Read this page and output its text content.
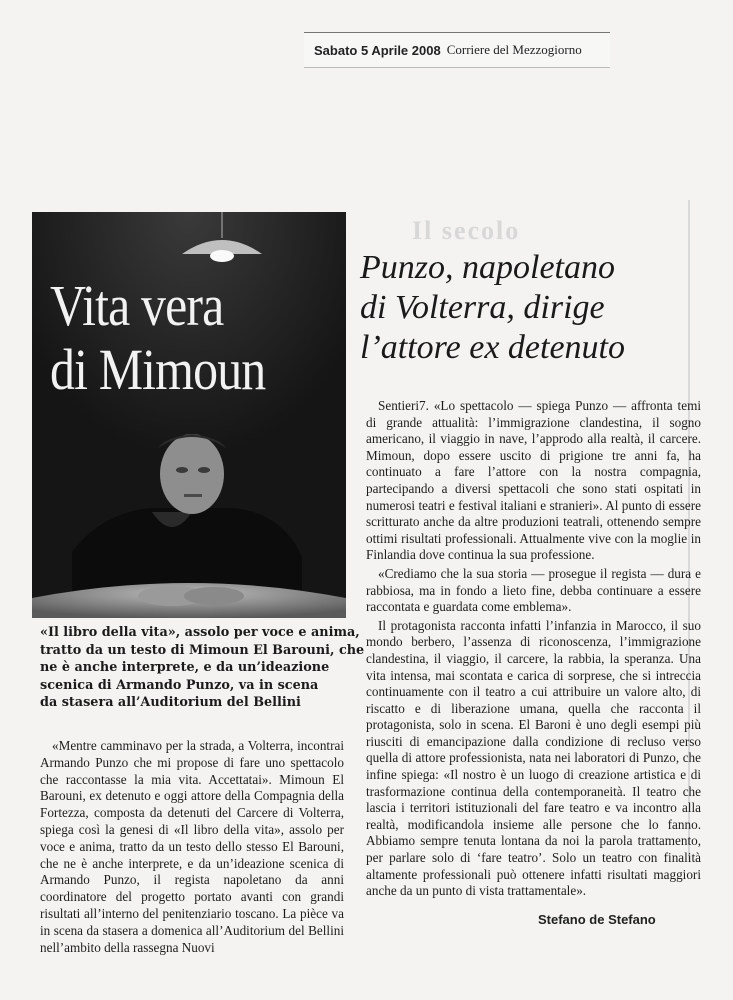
Il secolo
Sabato 5 Aprile 2008 Corriere del Mezzogiorno
Vita vera
di Mimoun
Punzo, napoletano
di Volterra, dirige
l’attore ex detenuto

Sentieri7. «Lo spettacolo — spiega Punzo — affronta temi di grande attualità: l’immigrazione clandestina, il sogno americano, il viaggio in nave, l’approdo alla realtà, il carcere. Mimoun, dopo essere uscito di prigione tre anni fa, ha continuato a fare l’attore con la nostra compagnia, partecipando a diversi spettacoli che sono stati ospitati in numerosi teatri e festival italiani e stranieri». Al punto di essere scritturato anche da altre produzioni teatrali, ottenendo sempre ottimi risultati professionali. Attualmente vive con la moglie in Finlandia dove continua la sua professione.

«Crediamo che la sua storia — prosegue il regista — dura e rabbiosa, ma in fondo a lieto fine, debba continuare a essere raccontata e guardata come emblema».

Il protagonista racconta infatti l’infanzia in Marocco, il suo mondo berbero, l’assenza di riconoscenza, l’immigrazione clandestina, il viaggio, il carcere, la rabbia, la speranza. Una vita intensa, mai scontata e carica di sorprese, che si intreccia continuamente con il teatro a cui attribuire un valore alto, di riscatto e di liberazione umana, quella che racconta il protagonista, solo in scena. El Baroni è uno degli esempi più riusciti di emancipazione dalla condizione di recluso verso quella di attore professionista, nata nei laboratori di Punzo, che infine spiega: «Il nostro è un luogo di creazione artistica e di trasformazione continua della contemporaneità. Il teatro che lascia i territori istituzionali del fare teatro e va incontro alla realtà, modificandola insieme alle persone che lo fanno. Abbiamo sempre tenuta lontana da noi la parola trattamento, per parlare solo di ‘fare teatro’. Solo un teatro con finalità altamente professionali può ottenere infatti risultati maggiori anche da un punto di vista trattamentale».

«Il libro della vita», assolo per voce e anima,
tratto da un testo di Mimoun El Barouni, che
ne è anche interprete, e da un’ideazione
scenica di Armando Punzo, va in scena
da stasera all’Auditorium del Bellini

«Mentre camminavo per la strada, a Volterra, incontrai Armando Punzo che mi propose di fare uno spettacolo che raccontasse la mia vita. Accettatai». Mimoun El Barouni, ex detenuto e oggi attore della Compagnia della Fortezza, composta da detenuti del Carcere di Volterra, spiega così la genesi di «Il libro della vita», assolo per voce e anima, tratto da un testo dello stesso El Barouni, che ne è anche interprete, e da un’ideazione scenica di Armando Punzo, il regista napoletano da anni coordinatore del progetto portato avanti con grandi risultati all’interno del penitenziario toscano. La pièce va in scena da stasera a domenica all’Auditorium del Bellini nell’ambito della rassegna Nuovi

Stefano de Stefano
